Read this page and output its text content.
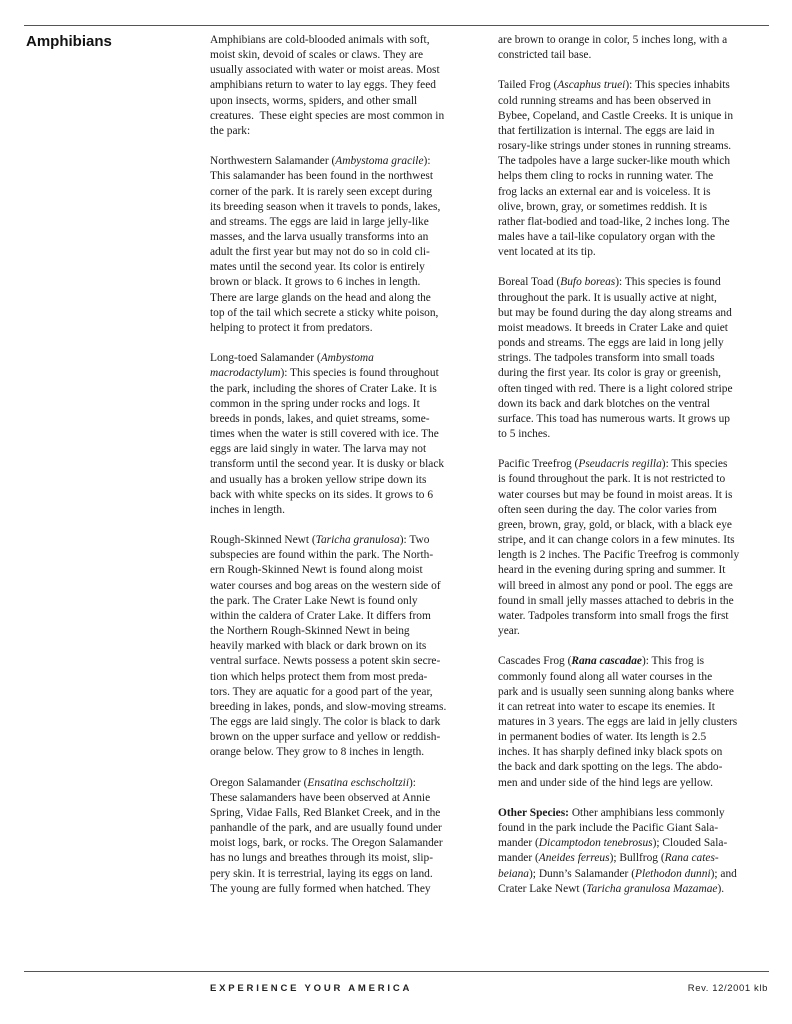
Amphibians	Amphibians are cold-blooded animals with soft,
moist skin, devoid of scales or claws. They are
usually associated with water or moist areas. Most
amphibians return to water to lay eggs. They feed
upon insects, worms, spiders, and other small
creatures.  These eight species are most common in
the park:
Northwestern Salamander (Ambystoma gracile):
This salamander has been found in the northwest
corner of the park. It is rarely seen except during
its breeding season when it travels to ponds, lakes,
and streams. The eggs are laid in large jelly-like
masses, and the larva usually transforms into an
adult the first year but may not do so in cold cli-
mates until the second year. Its color is entirely
brown or black. It grows to 6 inches in length.
There are large glands on the head and along the
top of the tail which secrete a sticky white poison,
helping to protect it from predators.
Long-toed Salamander (Ambystoma
macrodactylum): This species is found throughout
the park, including the shores of Crater Lake. It is
common in the spring under rocks and logs. It
breeds in ponds, lakes, and quiet streams, some-
times when the water is still covered with ice. The
eggs are laid singly in water. The larva may not
transform until the second year. It is dusky or black
and usually has a broken yellow stripe down its
back with white specks on its sides. It grows to 6
inches in length.
Rough-Skinned Newt (Taricha granulosa): Two
subspecies are found within the park. The North-
ern Rough-Skinned Newt is found along moist
water courses and bog areas on the western side of
the park. The Crater Lake Newt is found only
within the caldera of Crater Lake. It differs from
the Northern Rough-Skinned Newt in being
heavily marked with black or dark brown on its
ventral surface. Newts possess a potent skin secre-
tion which helps protect them from most preda-
tors. They are aquatic for a good part of the year,
breeding in lakes, ponds, and slow-moving streams.
The eggs are laid singly. The color is black to dark
brown on the upper surface and yellow or reddish-
orange below. They grow to 8 inches in length.
Oregon Salamander (Ensatina eschscholtzii):
These salamanders have been observed at Annie
Spring, Vidae Falls, Red Blanket Creek, and in the
panhandle of the park, and are usually found under
moist logs, bark, or rocks. The Oregon Salamander
has no lungs and breathes through its moist, slip-
pery skin. It is terrestrial, laying its eggs on land.
The young are fully formed when hatched. They
are brown to orange in color, 5 inches long, with a
constricted tail base.
Tailed Frog (Ascaphus truei): This species inhabits
cold running streams and has been observed in
Bybee, Copeland, and Castle Creeks. It is unique in
that fertilization is internal. The eggs are laid in
rosary-like strings under stones in running streams.
The tadpoles have a large sucker-like mouth which
helps them cling to rocks in running water. The
frog lacks an external ear and is voiceless. It is
olive, brown, gray, or sometimes reddish. It is
rather flat-bodied and toad-like, 2 inches long. The
males have a tail-like copulatory organ with the
vent located at its tip.
Boreal Toad (Bufo boreas): This species is found
throughout the park. It is usually active at night,
but may be found during the day along streams and
moist meadows. It breeds in Crater Lake and quiet
ponds and streams. The eggs are laid in long jelly
strings. The tadpoles transform into small toads
during the first year. Its color is gray or greenish,
often tinged with red. There is a light colored stripe
down its back and dark blotches on the ventral
surface. This toad has numerous warts. It grows up
to 5 inches.
Pacific Treefrog (Pseudacris regilla): This species
is found throughout the park. It is not restricted to
water courses but may be found in moist areas. It is
often seen during the day. The color varies from
green, brown, gray, gold, or black, with a black eye
stripe, and it can change colors in a few minutes. Its
length is 2 inches. The Pacific Treefrog is commonly
heard in the evening during spring and summer. It
will breed in almost any pond or pool. The eggs are
found in small jelly masses attached to debris in the
water. Tadpoles transform into small frogs the first
year.
Cascades Frog (Rana cascadae): This frog is
commonly found along all water courses in the
park and is usually seen sunning along banks where
it can retreat into water to escape its enemies. It
matures in 3 years. The eggs are laid in jelly clusters
in permanent bodies of water. Its length is 2.5
inches. It has sharply defined inky black spots on
the back and dark spotting on the legs. The abdo-
men and under side of the hind legs are yellow.
Other Species: Other amphibians less commonly
found in the park include the Pacific Giant Sala-
mander (Dicamptodon tenebrosus); Clouded Sala-
mander (Aneides ferreus); Bullfrog (Rana cates-
beiana); Dunn’s Salamander (Plethodon dunni); and
Crater Lake Newt (Taricha granulosa Mazamae).
EXPERIENCE YOUR AMERICA	Rev. 12/2001 klb
